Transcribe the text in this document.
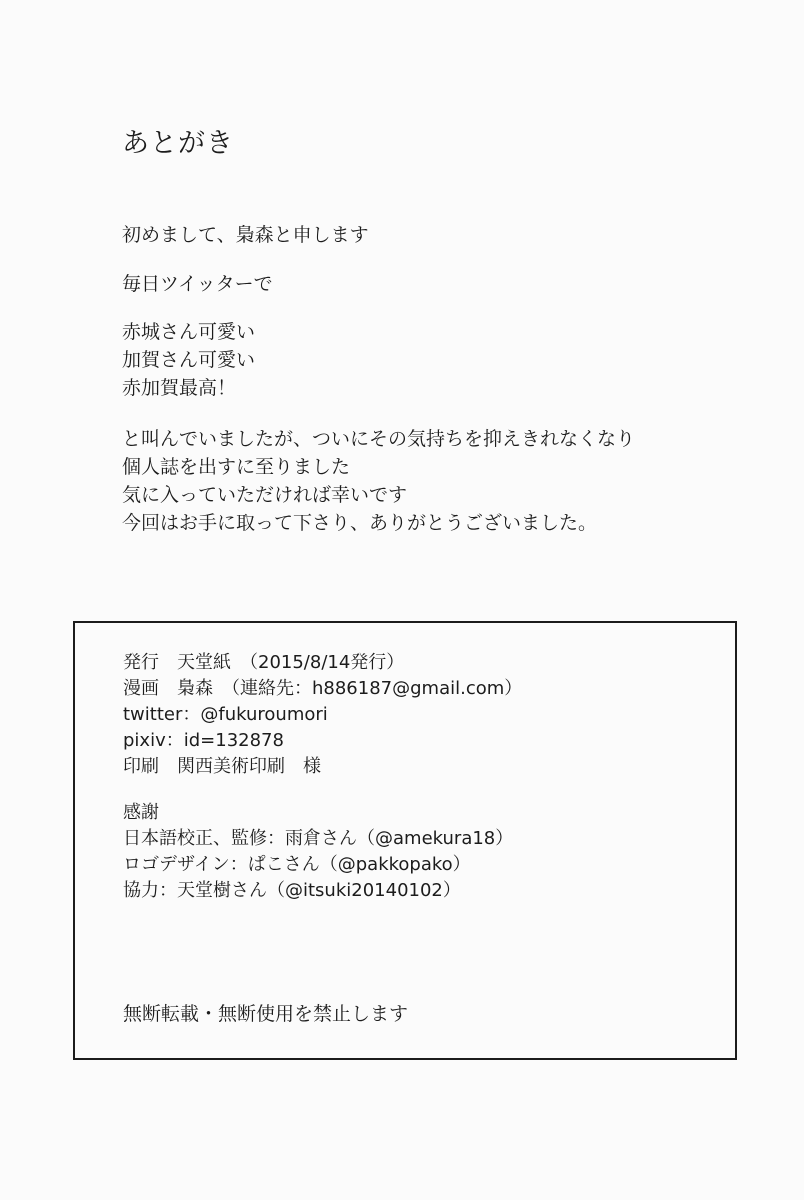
あとがき
初めまして、梟森と申します
毎日ツイッターで
赤城さん可愛い
加賀さん可愛い
赤加賀最高！
と叫んでいましたが、ついにその気持ちを抑えきれなくなり
個人誌を出すに至りました
気に入っていただければ幸いです
今回はお手に取って下さり、ありがとうございました。
発行　天堂紙　（2015/8/14発行）
漫画　梟森　（連絡先：h886187@gmail.com）
twitter：@fukuroumori
pixiv：id=132878
印刷　関西美術印刷　様
感謝
日本語校正、監修：雨倉さん（@amekura18）
ロゴデザイン：ぱこさん（@pakkopako）
協力：天堂樹さん（@itsuki20140102）
無断転載・無断使用を禁止します
